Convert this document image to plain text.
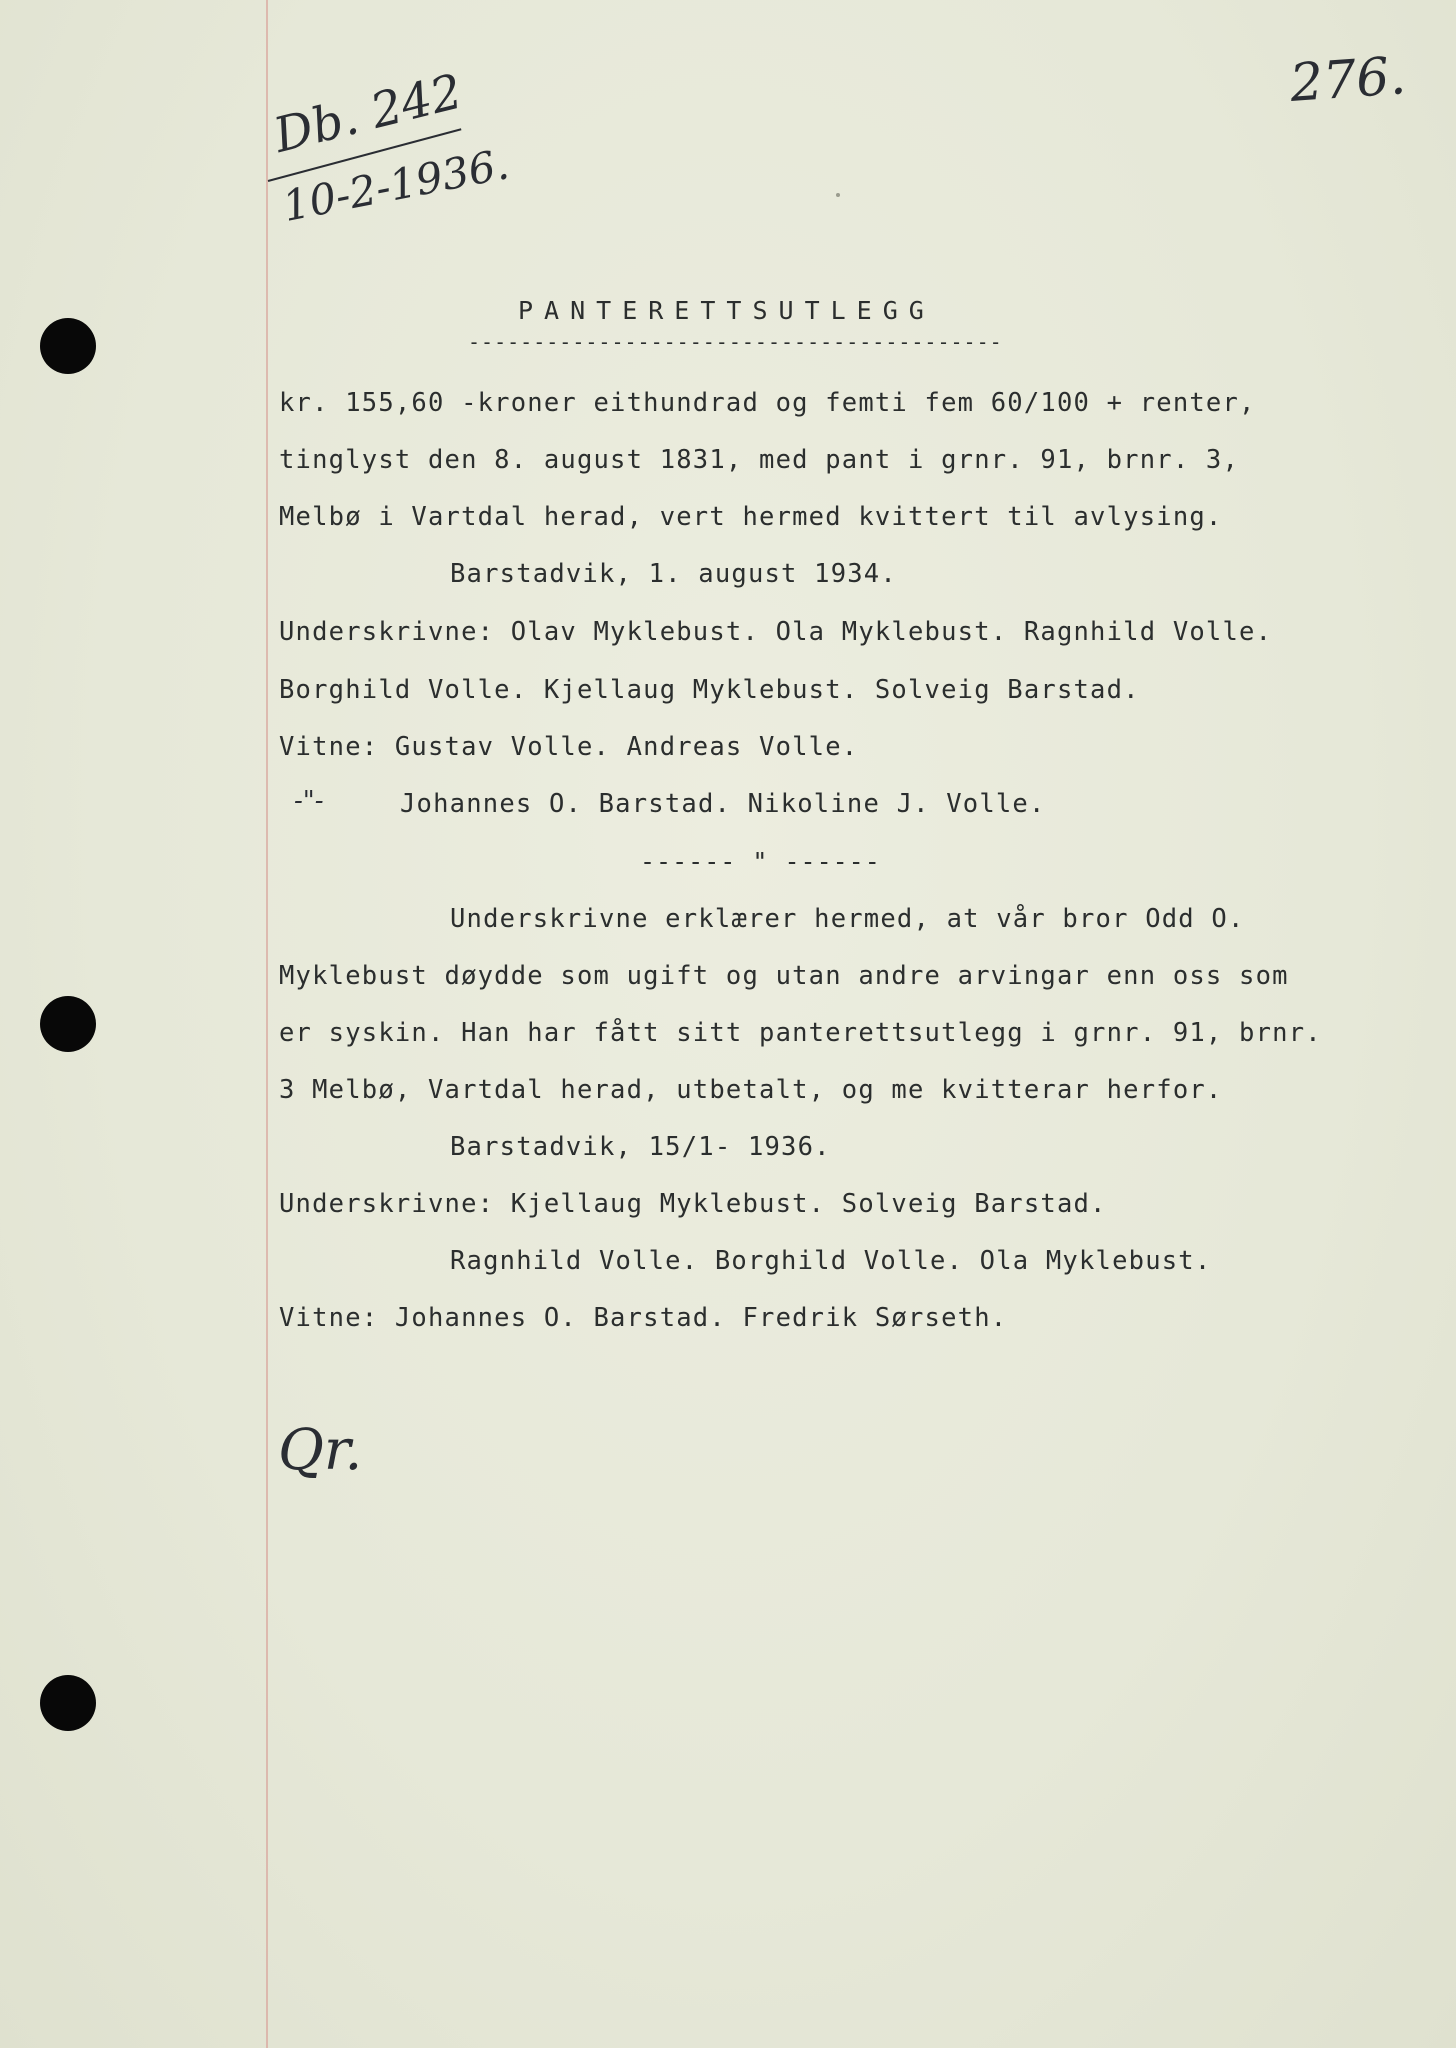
276.
Db. 242
10-2-1936.
PANTERETTSUTLEGG
-----------------------------------------
kr. 155,60 -kroner eithundrad og femti fem 60/100 + renter,
tinglyst den 8. august 1831, med pant i grnr. 91, brnr. 3,
Melbø i Vartdal herad, vert hermed kvittert til avlysing.
Barstadvik, 1. august 1934.
Underskrivne: Olav Myklebust. Ola Myklebust. Ragnhild Volle.
Borghild Volle. Kjellaug Myklebust. Solveig Barstad.
Vitne: Gustav Volle. Andreas Volle.
-"-	Johannes O. Barstad. Nikoline J. Volle.
------ " ------
Underskrivne erklærer hermed, at vår bror Odd O.
Myklebust døydde som ugift og utan andre arvingar enn oss som
er syskin. Han har fått sitt panterettsutlegg i grnr. 91, brnr.
3 Melbø, Vartdal herad, utbetalt, og me kvitterar herfor.
Barstadvik, 15/1- 1936.
Underskrivne: Kjellaug Myklebust. Solveig Barstad.
Ragnhild Volle. Borghild Volle. Ola Myklebust.
Vitne: Johannes O. Barstad. Fredrik Sørseth.
Qr.
